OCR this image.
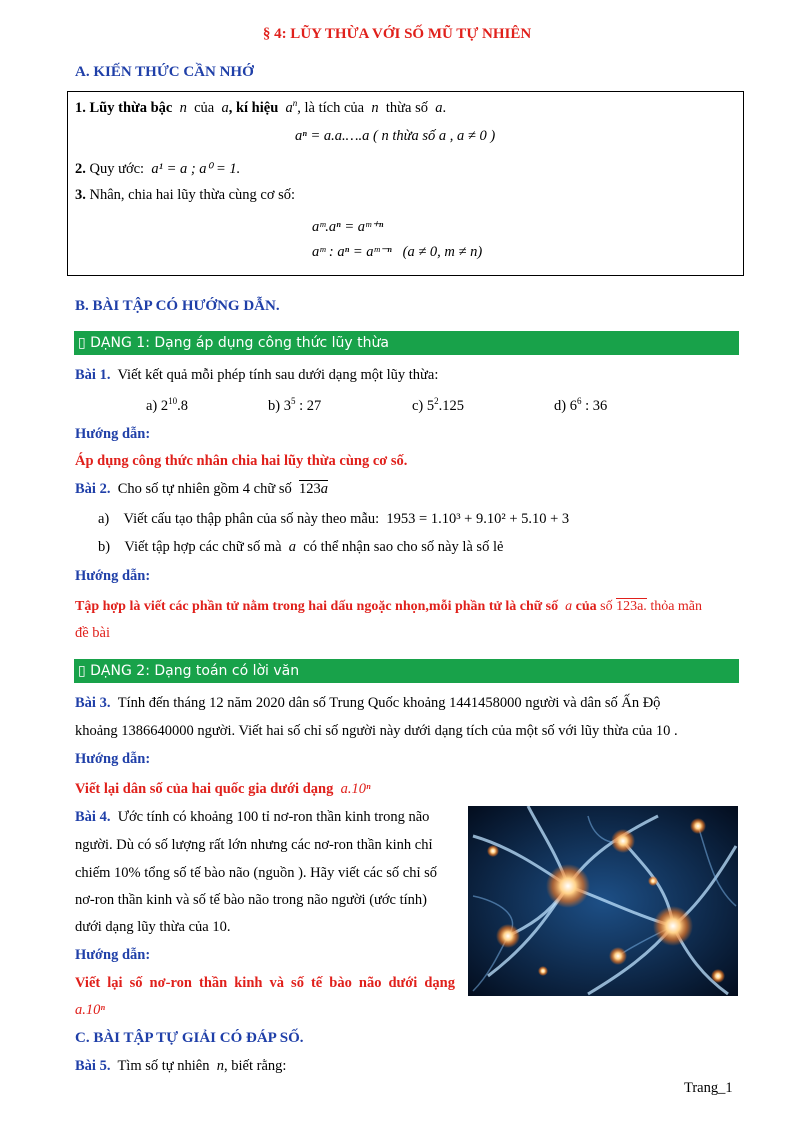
§ 4: LŨY THỪA VỚI SỐ MŨ TỰ NHIÊN
A. KIẾN THỨC CẦN NHỚ
1. Lũy thừa bậc n của a, kí hiệu $a^n$, là tích của n thừa số a.
aⁿ = a.a.….a ( n thừa số a , a ≠ 0 )
2. Quy ước: a¹ = a ; a⁰ = 1.
3. Nhân, chia hai lũy thừa cùng cơ số:
aᵐ.aⁿ = aᵐ⁺ⁿ
aᵐ : aⁿ = aᵐ⁻ⁿ (a ≠ 0, m ≠ n)
B. BÀI TẬP CÓ HƯỚNG DẪN.
▯ DẠNG 1: Dạng áp dụng công thức lũy thừa
Bài 1. Viết kết quả mỗi phép tính sau dưới dạng một lũy thừa:
a) $2^{10}.8$	b) $3^5$ : 27	c) $5^2.125$	d) $6^6$ : 36
Hướng dẫn:
Áp dụng công thức nhân chia hai lũy thừa cùng cơ số.
Bài 2. Cho số tự nhiên gồm 4 chữ số 123a
a) Viết cấu tạo thập phân của số này theo mẫu: 1953 = 1.10³ + 9.10² + 5.10 + 3
b) Viết tập hợp các chữ số mà a có thể nhận sao cho số này là số lẻ
Hướng dẫn:
Tập hợp là viết các phần tử nằm trong hai dấu ngoặc nhọn,mỗi phần tử là chữ số a của số 123a. thỏa mãn
đề bài
▯ DẠNG 2: Dạng toán có lời văn
Bài 3. Tính đến tháng 12 năm 2020 dân số Trung Quốc khoảng 1441458000 người và dân số Ấn Độ
khoảng 1386640000 người. Viết hai số chỉ số người này dưới dạng tích của một số với lũy thừa của 10 .
Hướng dẫn:
Viết lại dân số của hai quốc gia dưới dạng a.10ⁿ
Bài 4. Ước tính có khoảng 100 tỉ nơ-ron thần kinh trong não
người. Dù có số lượng rất lớn nhưng các nơ-ron thần kinh chỉ
chiếm 10% tổng số tế bào não (nguồn ). Hãy viết các số chỉ số
nơ-ron thần kinh và số tế bào não trong não người (ước tính)
dưới dạng lũy thừa của 10.
Hướng dẫn:
Viết lại số nơ-ron thần kinh và số tế bào não dưới dạng
a.10ⁿ
C. BÀI TẬP TỰ GIẢI CÓ ĐÁP SỐ.
Bài 5. Tìm số tự nhiên n, biết rằng:
Trang_1
